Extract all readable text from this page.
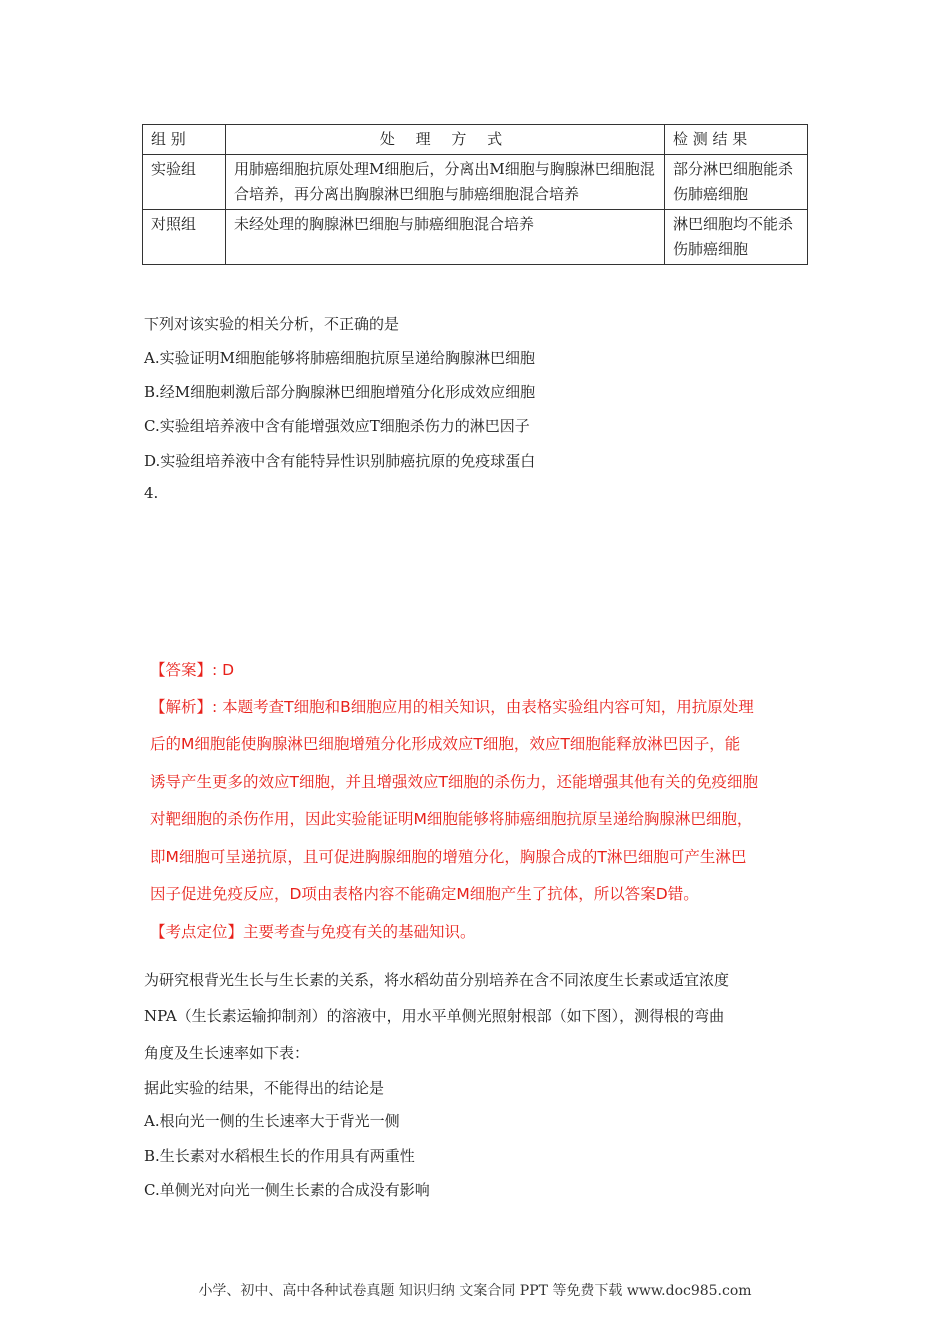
组 别	处 理 方 式	检 测 结 果
实验组	用肺癌细胞抗原处理M细胞后，分离出M细胞与胸腺淋巴细胞混合培养，再分离出胸腺淋巴细胞与肺癌细胞混合培养	部分淋巴细胞能杀伤肺癌细胞
对照组	未经处理的胸腺淋巴细胞与肺癌细胞混合培养	淋巴细胞均不能杀伤肺癌细胞
下列对该实验的相关分析，不正确的是
A.实验证明M细胞能够将肺癌细胞抗原呈递给胸腺淋巴细胞
B.经M细胞刺激后部分胸腺淋巴细胞增殖分化形成效应细胞
C.实验组培养液中含有能增强效应T细胞杀伤力的淋巴因子
D.实验组培养液中含有能特异性识别肺癌抗原的免疫球蛋白
4.
【答案】: D
【解析】: 本题考查T细胞和B细胞应用的相关知识，由表格实验组内容可知，用抗原处理
后的M细胞能使胸腺淋巴细胞增殖分化形成效应T细胞，效应T细胞能释放淋巴因子，能
诱导产生更多的效应T细胞，并且增强效应T细胞的杀伤力，还能增强其他有关的免疫细胞
对靶细胞的杀伤作用，因此实验能证明M细胞能够将肺癌细胞抗原呈递给胸腺淋巴细胞，
即M细胞可呈递抗原，且可促进胸腺细胞的增殖分化，胸腺合成的T淋巴细胞可产生淋巴
因子促进免疫反应，D项由表格内容不能确定M细胞产生了抗体，所以答案D错。
【考点定位】主要考查与免疫有关的基础知识。
为研究根背光生长与生长素的关系，将水稻幼苗分别培养在含不同浓度生长素或适宜浓度
NPA（生长素运输抑制剂）的溶液中，用水平单侧光照射根部（如下图），测得根的弯曲
角度及生长速率如下表：
据此实验的结果，不能得出的结论是
A.根向光一侧的生长速率大于背光一侧
B.生长素对水稻根生长的作用具有两重性
C.单侧光对向光一侧生长素的合成没有影响
小学、初中、高中各种试卷真题 知识归纳 文案合同 PPT 等免费下载 www.doc985.com
